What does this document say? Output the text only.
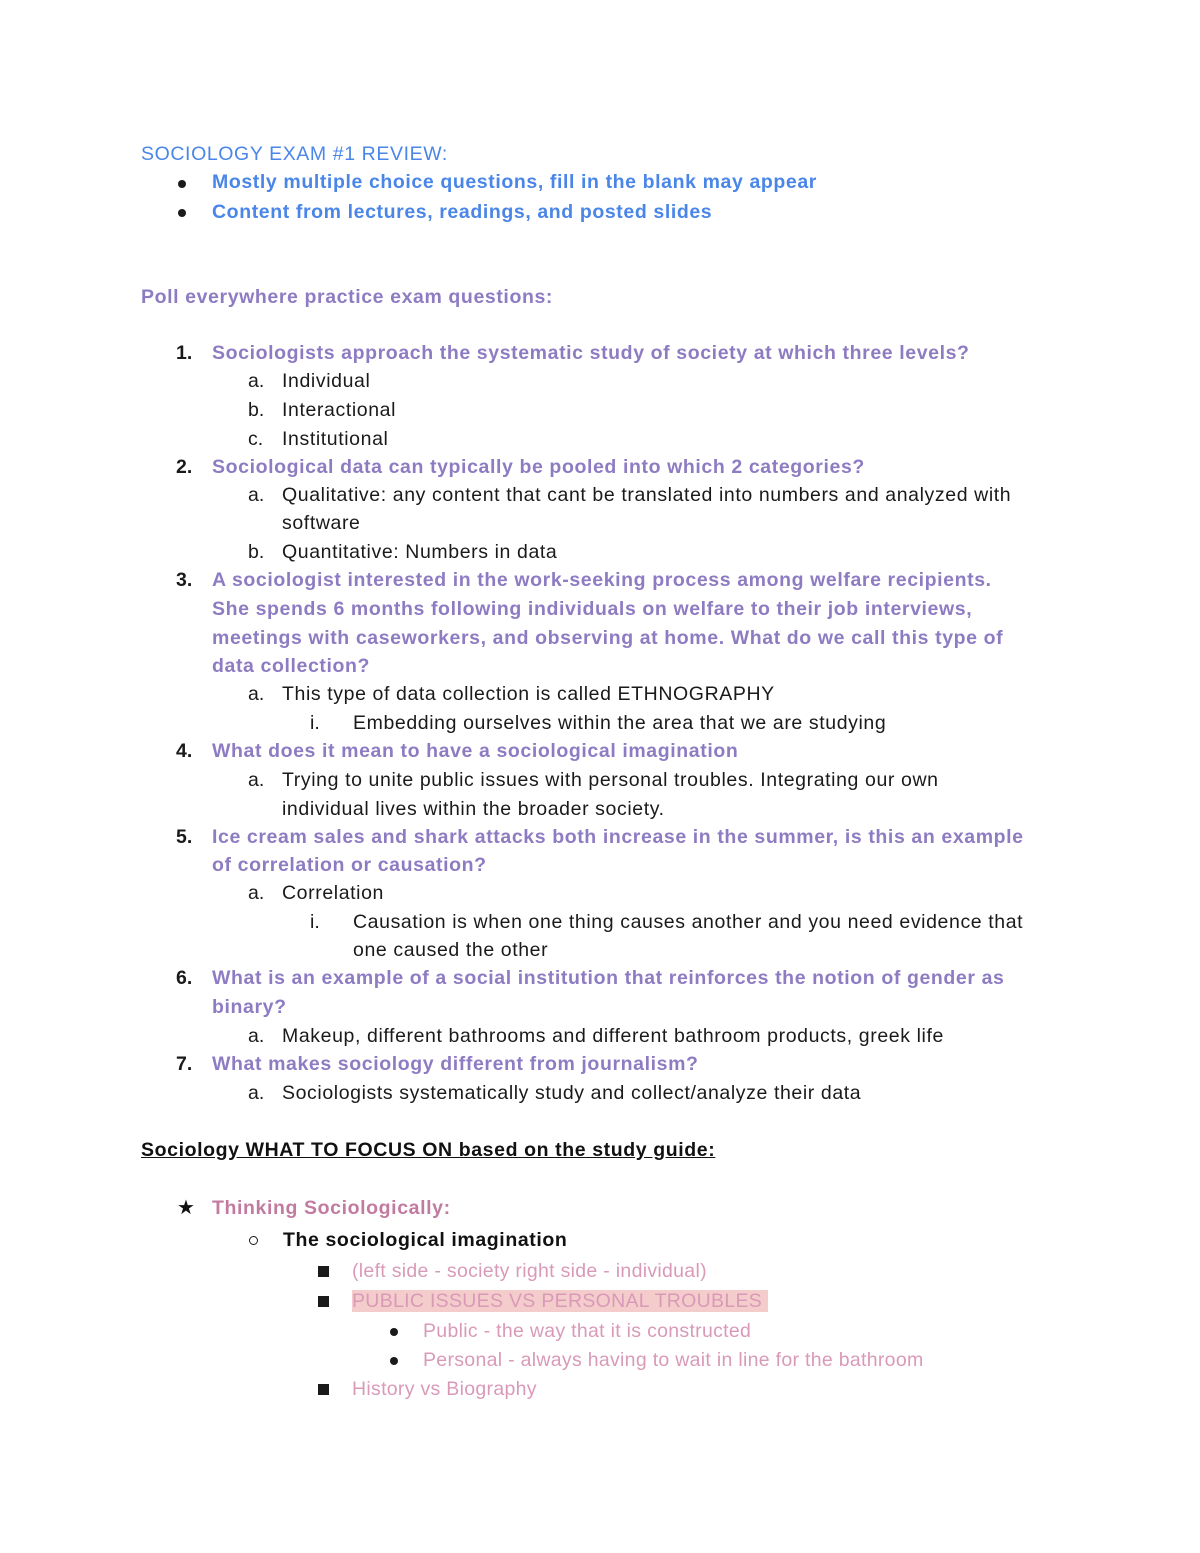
SOCIOLOGY EXAM #1 REVIEW:
Mostly multiple choice questions, fill in the blank may appear
Content from lectures, readings, and posted slides
Poll everywhere practice exam questions:
1. Sociologists approach the systematic study of society at which three levels?
a. Individual
b. Interactional
c. Institutional
2. Sociological data can typically be pooled into which 2 categories?
a. Qualitative: any content that cant be translated into numbers and analyzed with
software
b. Quantitative: Numbers in data
3. A sociologist interested in the work-seeking process among welfare recipients.
She spends 6 months following individuals on welfare to their job interviews,
meetings with caseworkers, and observing at home. What do we call this type of
data collection?
a. This type of data collection is called ETHNOGRAPHY
i. Embedding ourselves within the area that we are studying
4. What does it mean to have a sociological imagination
a. Trying to unite public issues with personal troubles. Integrating our own
individual lives within the broader society.
5. Ice cream sales and shark attacks both increase in the summer, is this an example
of correlation or causation?
a. Correlation
i. Causation is when one thing causes another and you need evidence that
one caused the other
6. What is an example of a social institution that reinforces the notion of gender as
binary?
a. Makeup, different bathrooms and different bathroom products, greek life
7. What makes sociology different from journalism?
a. Sociologists systematically study and collect/analyze their data
Sociology WHAT TO FOCUS ON based on the study guide:
★ Thinking Sociologically:
The sociological imagination
(left side - society right side - individual)
PUBLIC ISSUES VS PERSONAL TROUBLES
Public - the way that it is constructed
Personal - always having to wait in line for the bathroom
History vs Biography
